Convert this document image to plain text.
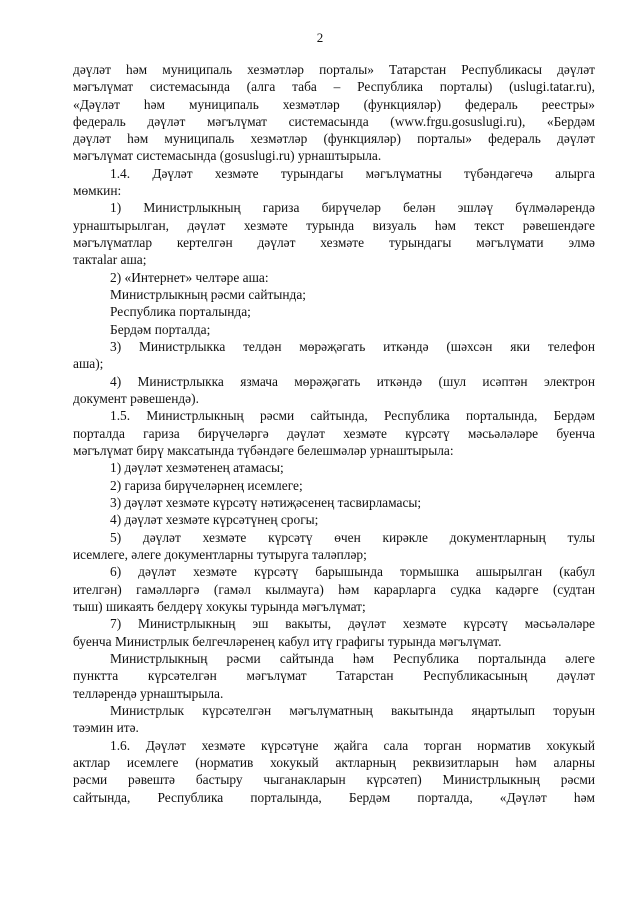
2
дәүләт һәм муниципаль хезмәтләр порталы» Татарстан Республикасы дәүләт
мәгълүмат системасында (алга таба – Республика порталы) (uslugi.tatar.ru),
«Дәүләт һәм муниципаль хезмәтләр (функцияләр) федераль реестры»
федераль дәүләт мәгълүмат системасында (www.frgu.gosuslugi.ru), «Бердәм
дәүләт һәм муниципаль хезмәтләр (функцияләр) порталы» федераль дәүләт
мәгълүмат системасында (gosuslugi.ru) урнаштырыла.
1.4. Дәүләт хезмәте турындагы мәгълүматны түбәндәгечә алырга
мөмкин:
1) Министрлыкның гариза бирүчеләр белән эшләү бүлмәләрендә
урнаштырылган, дәүләт хезмәте турында визуаль һәм текст рәвешендәге
мәгълүматлар кертелгән дәүләт хезмәте турындагы мәгълүмати элмә
тактalar аша;
2) «Интернет» челтәре аша:
Министрлыкның рәсми сайтында;
Республика порталында;
Бердәм порталда;
3) Министрлыкка телдән мөрәҗәгать иткәндә (шәхсән яки телефон
аша);
4) Министрлыкка язмача мөрәҗәгать иткәндә (шул исәптән электрон
документ рәвешендә).
1.5. Министрлыкның рәсми сайтында, Республика порталында, Бердәм
порталда гариза бирүчеләргә дәүләт хезмәте күрсәтү мәсьәләләре буенча
мәгълүмат бирү максатында түбәндәге белешмәләр урнаштырыла:
1) дәүләт хезмәтенең атамасы;
2) гариза бирүчеләрнең исемлеге;
3) дәүләт хезмәте күрсәтү нәтиҗәсенең тасвирламасы;
4) дәүләт хезмәте күрсәтүнең срогы;
5) дәүләт хезмәте күрсәтү өчен кирәкле документларның тулы
исемлеге, әлеге документларны тутыруга таләпләр;
6) дәүләт хезмәте күрсәтү барышында тормышка ашырылган (кабул
ителгән) гамәлләргә (гамәл кылмауга) һәм карарларга судка кадәрге (судтан
тыш) шикаять белдерү хокукы турында мәгълүмат;
7) Министрлыкның эш вакыты, дәүләт хезмәте күрсәтү мәсьәләләре
буенча Министрлык белгечләренең кабул итү графигы турында мәгълүмат.
Министрлыкның рәсми сайтында һәм Республика порталында әлеге
пунктта күрсәтелгән мәгълүмат Татарстан Республикасының дәүләт
телләрендә урнаштырыла.
Министрлык күрсәтелгән мәгълүматның вакытында яңартылып торуын
тәэмин итә.
1.6. Дәүләт хезмәте күрсәтүне җайга сала торган норматив хокукый
актлар исемлеге (норматив хокукый актларның реквизитларын һәм аларны
рәсми рәвештә бастыру чыганакларын күрсәтеп) Министрлыкның рәсми
сайтында, Республика порталында, Бердәм порталда, «Дәүләт һәм
